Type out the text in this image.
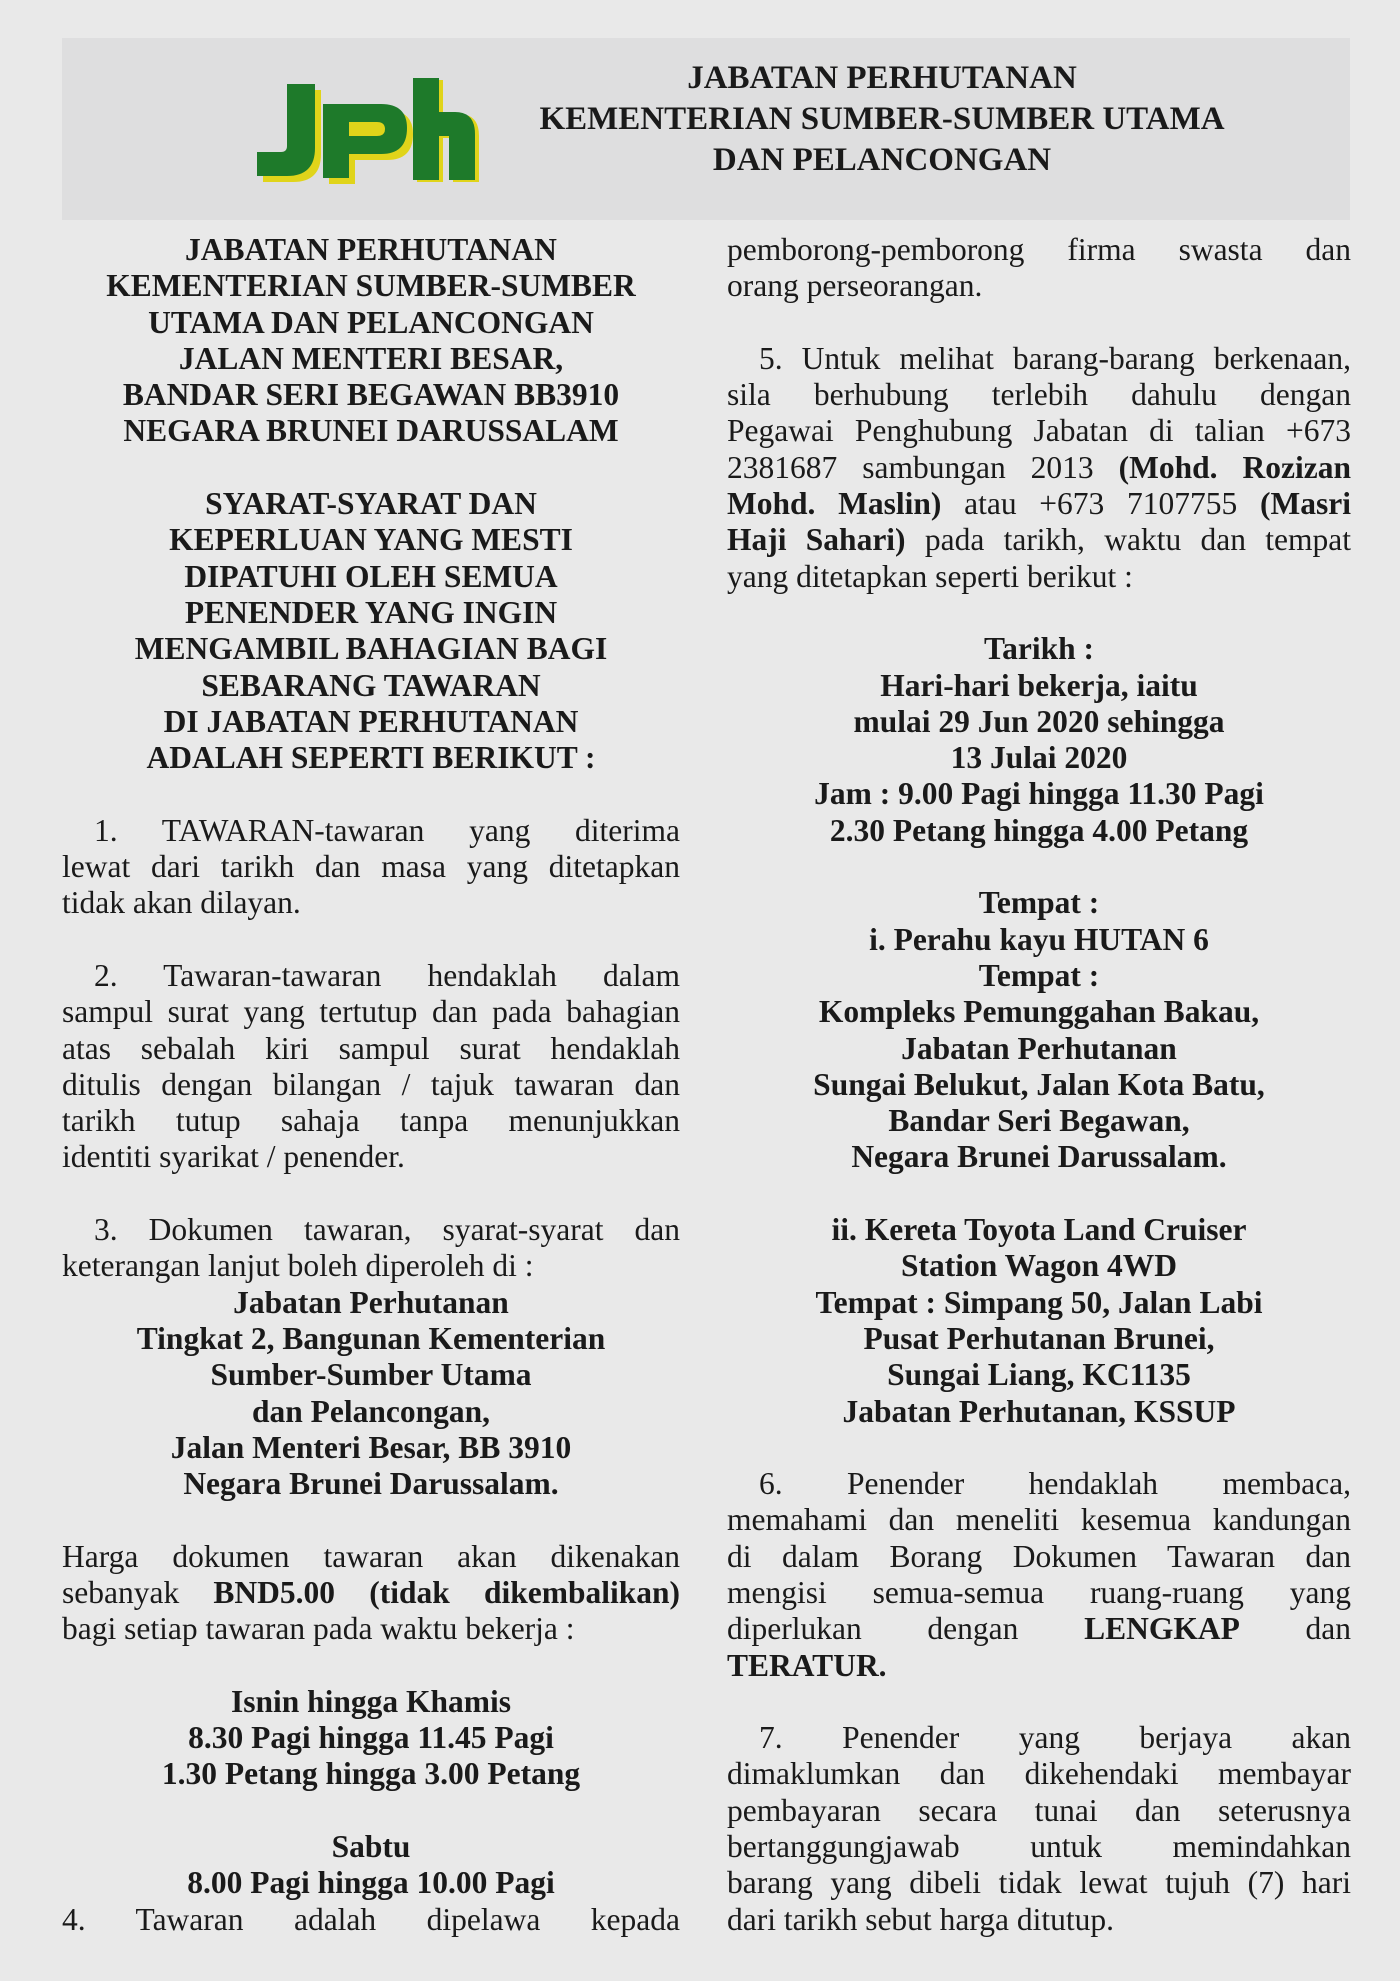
JABATAN PERHUTANAN
KEMENTERIAN SUMBER-SUMBER UTAMA
DAN PELANCONGAN

JABATAN PERHUTANAN

KEMENTERIAN SUMBER-SUMBER

UTAMA DAN PELANCONGAN

JALAN MENTERI BESAR,

BANDAR SERI BEGAWAN BB3910

NEGARA BRUNEI DARUSSALAM

SYARAT-SYARAT DAN

KEPERLUAN YANG MESTI

DIPATUHI OLEH SEMUA

PENENDER YANG INGIN

MENGAMBIL BAHAGIAN BAGI

SEBARANG TAWARAN

DI JABATAN PERHUTANAN

ADALAH SEPERTI BERIKUT :

1. TAWARAN-tawaran yang diterima

lewat dari tarikh dan masa yang ditetapkan

tidak akan dilayan.

2. Tawaran-tawaran hendaklah dalam

sampul surat yang tertutup dan pada bahagian

atas sebalah kiri sampul surat hendaklah

ditulis dengan bilangan / tajuk tawaran dan

tarikh tutup sahaja tanpa menunjukkan

identiti syarikat / penender.

3. Dokumen tawaran, syarat-syarat dan

keterangan lanjut boleh diperoleh di :

Jabatan Perhutanan

Tingkat 2, Bangunan Kementerian

Sumber-Sumber Utama

dan Pelancongan,

Jalan Menteri Besar, BB 3910

Negara Brunei Darussalam.

Harga dokumen tawaran akan dikenakan

sebanyak BND5.00 (tidak dikembalikan)

bagi setiap tawaran pada waktu bekerja :

Isnin hingga Khamis

8.30 Pagi hingga 11.45 Pagi

1.30 Petang hingga 3.00 Petang

Sabtu

8.00 Pagi hingga 10.00 Pagi

4. Tawaran adalah dipelawa kepada

pemborong-pemborong firma swasta dan

orang perseorangan.

5. Untuk melihat barang-barang berkenaan,

sila berhubung terlebih dahulu dengan

Pegawai Penghubung Jabatan di talian +673

2381687 sambungan 2013 (Mohd. Rozizan

Mohd. Maslin) atau +673 7107755 (Masri

Haji Sahari) pada tarikh, waktu dan tempat

yang ditetapkan seperti berikut :

Tarikh :

Hari-hari bekerja, iaitu

mulai 29 Jun 2020 sehingga

13 Julai 2020

Jam : 9.00 Pagi hingga 11.30 Pagi

2.30 Petang hingga 4.00 Petang

Tempat :

i. Perahu kayu HUTAN 6

Tempat :

Kompleks Pemunggahan Bakau,

Jabatan Perhutanan

Sungai Belukut, Jalan Kota Batu,

Bandar Seri Begawan,

Negara Brunei Darussalam.

ii. Kereta Toyota Land Cruiser

Station Wagon 4WD

Tempat : Simpang 50, Jalan Labi

Pusat Perhutanan Brunei,

Sungai Liang, KC1135

Jabatan Perhutanan, KSSUP

6. Penender hendaklah membaca,

memahami dan meneliti kesemua kandungan

di dalam Borang Dokumen Tawaran dan

mengisi semua-semua ruang-ruang yang

diperlukan dengan LENGKAP dan

TERATUR.

7. Penender yang berjaya akan

dimaklumkan dan dikehendaki membayar

pembayaran secara tunai dan seterusnya

bertanggungjawab untuk memindahkan

barang yang dibeli tidak lewat tujuh (7) hari

dari tarikh sebut harga ditutup.
